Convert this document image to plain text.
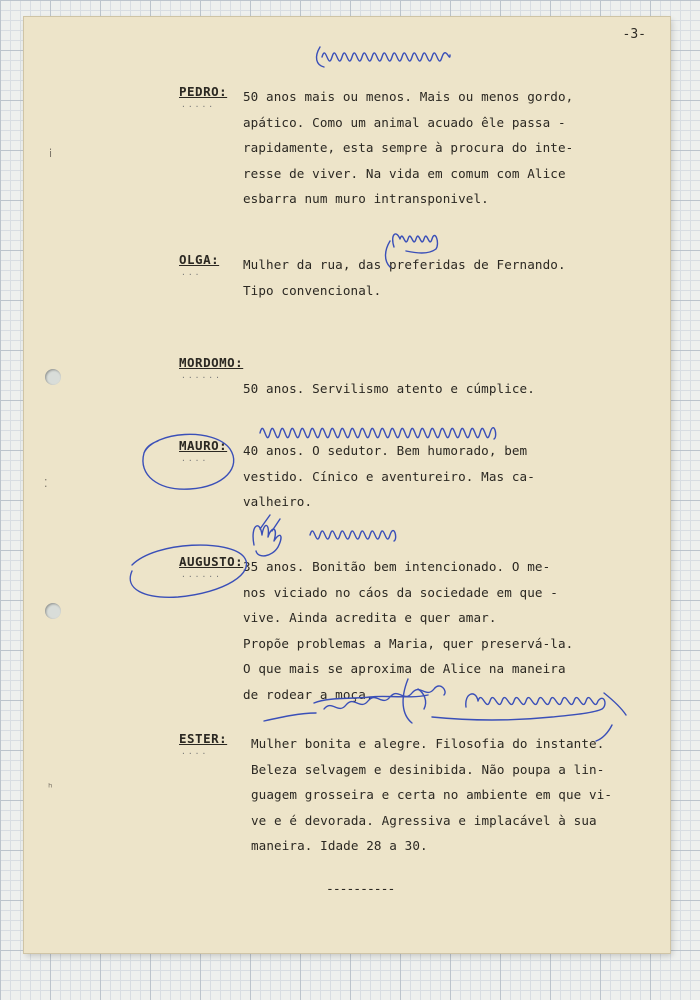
ⅰ
⁚
ʰ
-3-
PEDRO:
·····
50 anos mais ou menos. Mais ou menos gordo,
apático. Como um animal acuado êle passa -
rapidamente, esta sempre à procura do inte-
resse de viver. Na vida em comum com Alice
esbarra num muro intransponivel.
OLGA:
···
Mulher da rua, das preferidas de Fernando.
Tipo convencional.
MORDOMO:
······
50 anos. Servilismo atento e cúmplice.
MAURO:
····
40 anos. O sedutor. Bem humorado, bem
vestido. Cínico e aventureiro. Mas ca-
valheiro.
AUGUSTO:
······
35 anos. Bonitão bem intencionado. O me-
nos viciado no cáos da sociedade em que -
vive. Ainda acredita e quer amar.
Propõe problemas a Maria, quer preservá-la.
O que mais se aproxima de Alice na maneira
de rodear a moça.
ESTER:
····
Mulher bonita e alegre. Filosofia do instante.
Beleza selvagem e desinibida. Não poupa a lin-
guagem grosseira e certa no ambiente em que vi-
ve e é devorada. Agressiva e implacável à sua
maneira. Idade 28 a 30.
----------
